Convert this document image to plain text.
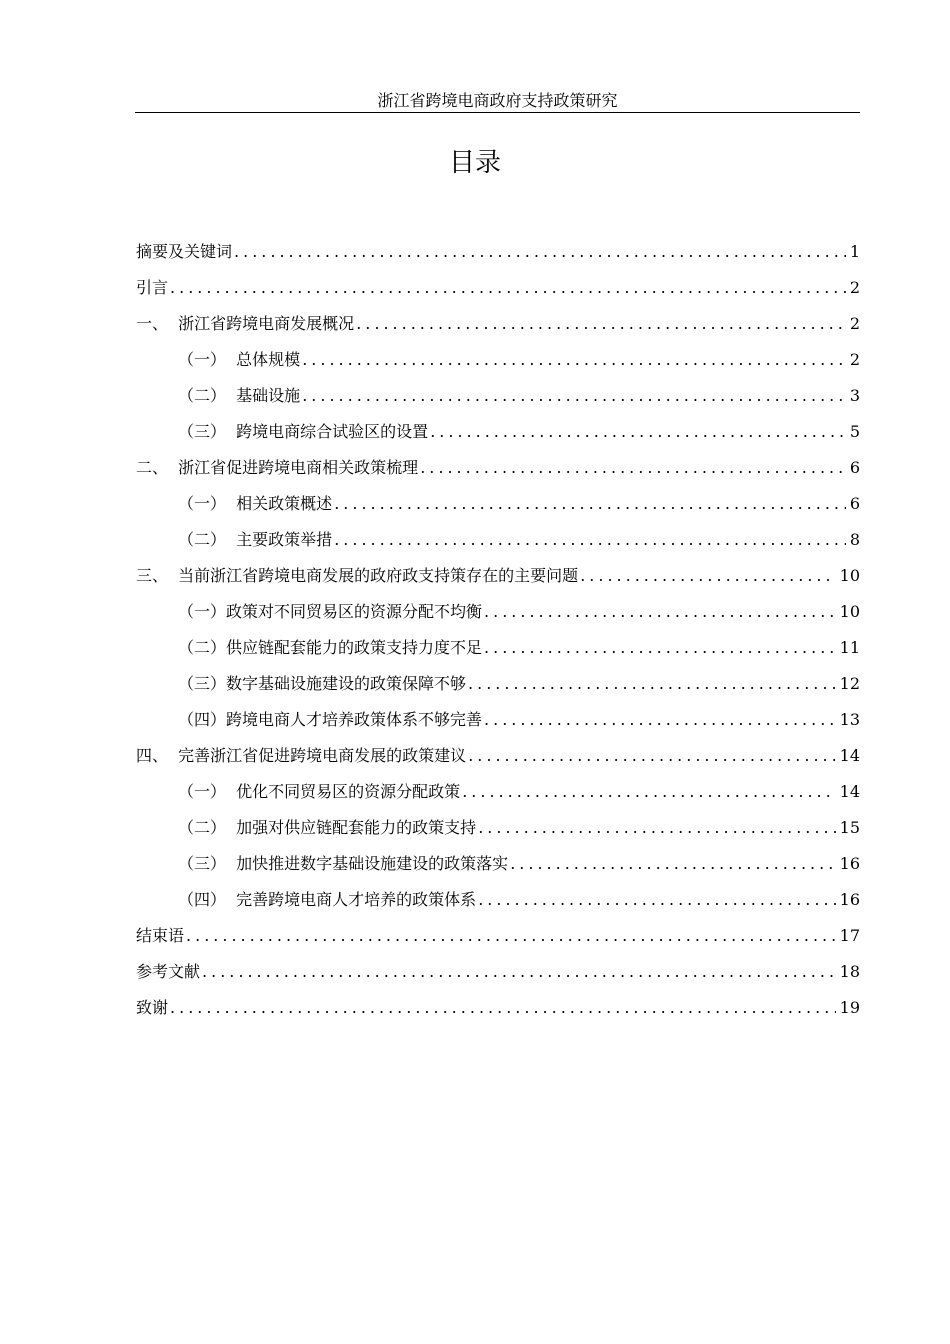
浙江省跨境电商政府支持政策研究
目录
摘要及关键词 .....	1
引言 .....	2
一、  浙江省跨境电商发展概况 .....	2
（一）  总体规模 .....	2
（二）  基础设施 .....	3
（三）  跨境电商综合试验区的设置 .....	5
二、  浙江省促进跨境电商相关政策梳理 .....	6
（一）  相关政策概述 .....	6
（二）  主要政策举措 .....	8
三、  当前浙江省跨境电商发展的政府政支持策存在的主要问题 .....	10
（一）政策对不同贸易区的资源分配不均衡 .....	10
（二）供应链配套能力的政策支持力度不足 .....	11
（三）数字基础设施建设的政策保障不够 .....	12
（四）跨境电商人才培养政策体系不够完善 .....	13
四、  完善浙江省促进跨境电商发展的政策建议 .....	14
（一）  优化不同贸易区的资源分配政策 .....	14
（二）  加强对供应链配套能力的政策支持 .....	15
（三）  加快推进数字基础设施建设的政策落实 .....	16
（四）  完善跨境电商人才培养的政策体系 .....	16
结束语 .....	17
参考文献 .....	18
致谢 .....	19
